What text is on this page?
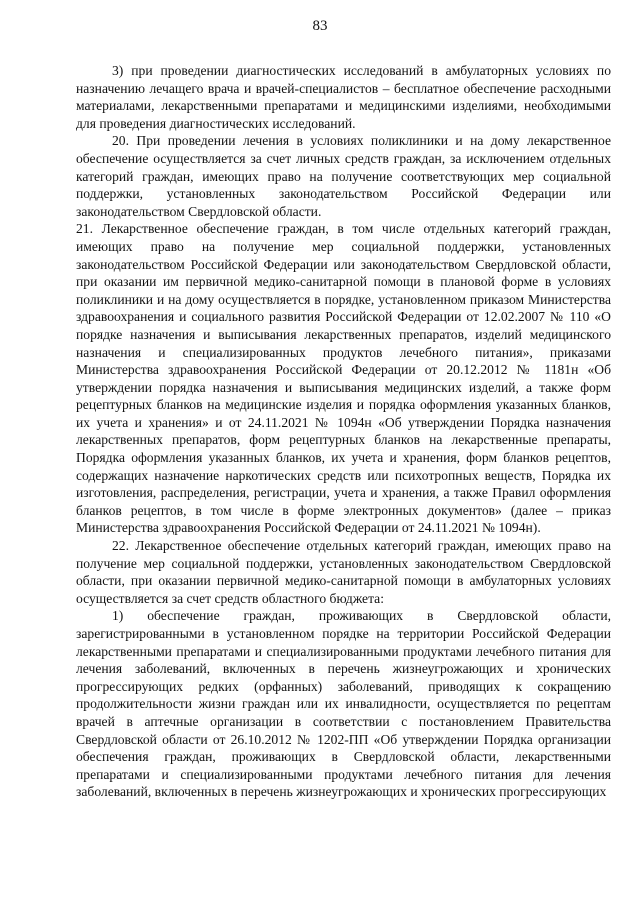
83

3) при проведении диагностических исследований в амбулаторных условиях по назначению лечащего врача и врачей-специалистов – бесплатное обеспечение расходными материалами, лекарственными препаратами и медицинскими изделиями, необходимыми для проведения диагностических исследований.

20. При проведении лечения в условиях поликлиники и на дому лекарственное обеспечение осуществляется за счет личных средств граждан, за исключением отдельных категорий граждан, имеющих право на получение соответствующих мер социальной поддержки, установленных законодательством Российской Федерации или законодательством Свердловской области.

21. Лекарственное обеспечение граждан, в том числе отдельных категорий граждан, имеющих право на получение мер социальной поддержки, установленных законодательством Российской Федерации или законодательством Свердловской области, при оказании им первичной медико-санитарной помощи в плановой форме в условиях поликлиники и на дому осуществляется в порядке, установленном приказом Министерства здравоохранения и социального развития Российской Федерации от 12.02.2007 № 110 «О порядке назначения и выписывания лекарственных препаратов, изделий медицинского назначения и специализированных продуктов лечебного питания», приказами Министерства здравоохранения Российской Федерации от 20.12.2012 № 1181н «Об утверждении порядка назначения и выписывания медицинских изделий, а также форм рецептурных бланков на медицинские изделия и порядка оформления указанных бланков, их учета и хранения» и от 24.11.2021 № 1094н «Об утверждении Порядка назначения лекарственных препаратов, форм рецептурных бланков на лекарственные препараты, Порядка оформления указанных бланков, их учета и хранения, форм бланков рецептов, содержащих назначение наркотических средств или психотропных веществ, Порядка их изготовления, распределения, регистрации, учета и хранения, а также Правил оформления бланков рецептов, в том числе в форме электронных документов» (далее – приказ Министерства здравоохранения Российской Федерации от 24.11.2021 № 1094н).

22. Лекарственное обеспечение отдельных категорий граждан, имеющих право на получение мер социальной поддержки, установленных законодательством Свердловской области, при оказании первичной медико-санитарной помощи в амбулаторных условиях осуществляется за счет средств областного бюджета:

1) обеспечение граждан, проживающих в Свердловской области, зарегистрированными в установленном порядке на территории Российской Федерации лекарственными препаратами и специализированными продуктами лечебного питания для лечения заболеваний, включенных в перечень жизнеугрожающих и хронических прогрессирующих редких (орфанных) заболеваний, приводящих к сокращению продолжительности жизни граждан или их инвалидности, осуществляется по рецептам врачей в аптечные организации в соответствии с постановлением Правительства Свердловской области от 26.10.2012 № 1202-ПП «Об утверждении Порядка организации обеспечения граждан, проживающих в Свердловской области, лекарственными препаратами и специализированными продуктами лечебного питания для лечения заболеваний, включенных в перечень жизнеугрожающих и хронических прогрессирующих
